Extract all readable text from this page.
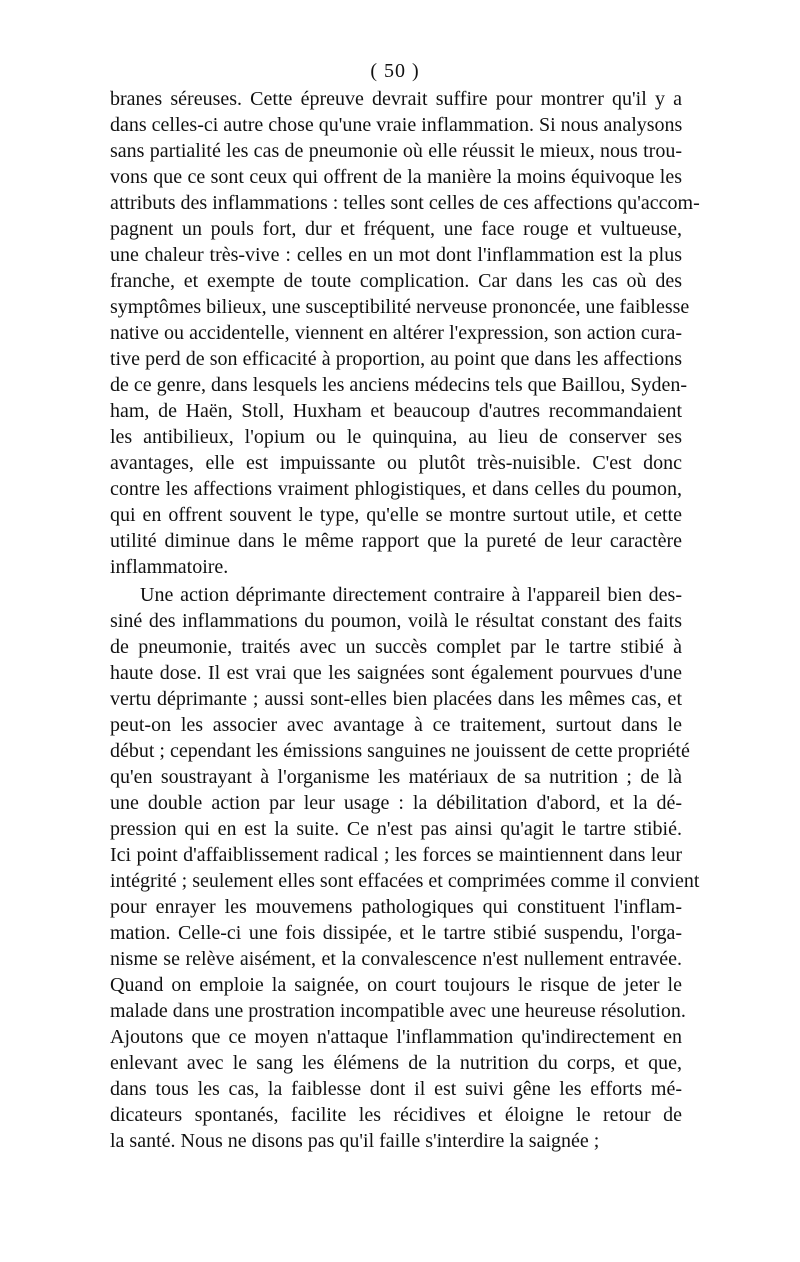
( 50 )
branes séreuses. Cette épreuve devrait suffire pour montrer qu'il y a
dans celles-ci autre chose qu'une vraie inflammation. Si nous analysons
sans partialité les cas de pneumonie où elle réussit le mieux, nous trou-
vons que ce sont ceux qui offrent de la manière la moins équivoque les
attributs des inflammations : telles sont celles de ces affections qu'accom-
pagnent un pouls fort, dur et fréquent, une face rouge et vultueuse,
une chaleur très-vive : celles en un mot dont l'inflammation est la plus
franche, et exempte de toute complication. Car dans les cas où des
symptômes bilieux, une susceptibilité nerveuse prononcée, une faiblesse
native ou accidentelle, viennent en altérer l'expression, son action cura-
tive perd de son efficacité à proportion, au point que dans les affections
de ce genre, dans lesquels les anciens médecins tels que Baillou, Syden-
ham, de Haën, Stoll, Huxham et beaucoup d'autres recommandaient
les antibilieux, l'opium ou le quinquina, au lieu de conserver ses
avantages, elle est impuissante ou plutôt très-nuisible. C'est donc
contre les affections vraiment phlogistiques, et dans celles du poumon,
qui en offrent souvent le type, qu'elle se montre surtout utile, et cette
utilité diminue dans le même rapport que la pureté de leur caractère
inflammatoire.
Une action déprimante directement contraire à l'appareil bien des-
siné des inflammations du poumon, voilà le résultat constant des faits
de pneumonie, traités avec un succès complet par le tartre stibié à
haute dose. Il est vrai que les saignées sont également pourvues d'une
vertu déprimante ; aussi sont-elles bien placées dans les mêmes cas, et
peut-on les associer avec avantage à ce traitement, surtout dans le
début ; cependant les émissions sanguines ne jouissent de cette propriété
qu'en soustrayant à l'organisme les matériaux de sa nutrition ; de là
une double action par leur usage : la débilitation d'abord, et la dé-
pression qui en est la suite. Ce n'est pas ainsi qu'agit le tartre stibié.
Ici point d'affaiblissement radical ; les forces se maintiennent dans leur
intégrité ; seulement elles sont effacées et comprimées comme il convient
pour enrayer les mouvemens pathologiques qui constituent l'inflam-
mation. Celle-ci une fois dissipée, et le tartre stibié suspendu, l'orga-
nisme se relève aisément, et la convalescence n'est nullement entravée.
Quand on emploie la saignée, on court toujours le risque de jeter le
malade dans une prostration incompatible avec une heureuse résolution.
Ajoutons que ce moyen n'attaque l'inflammation qu'indirectement en
enlevant avec le sang les élémens de la nutrition du corps, et que,
dans tous les cas, la faiblesse dont il est suivi gêne les efforts mé-
dicateurs spontanés, facilite les récidives et éloigne le retour de
la santé. Nous ne disons pas qu'il faille s'interdire la saignée ;
